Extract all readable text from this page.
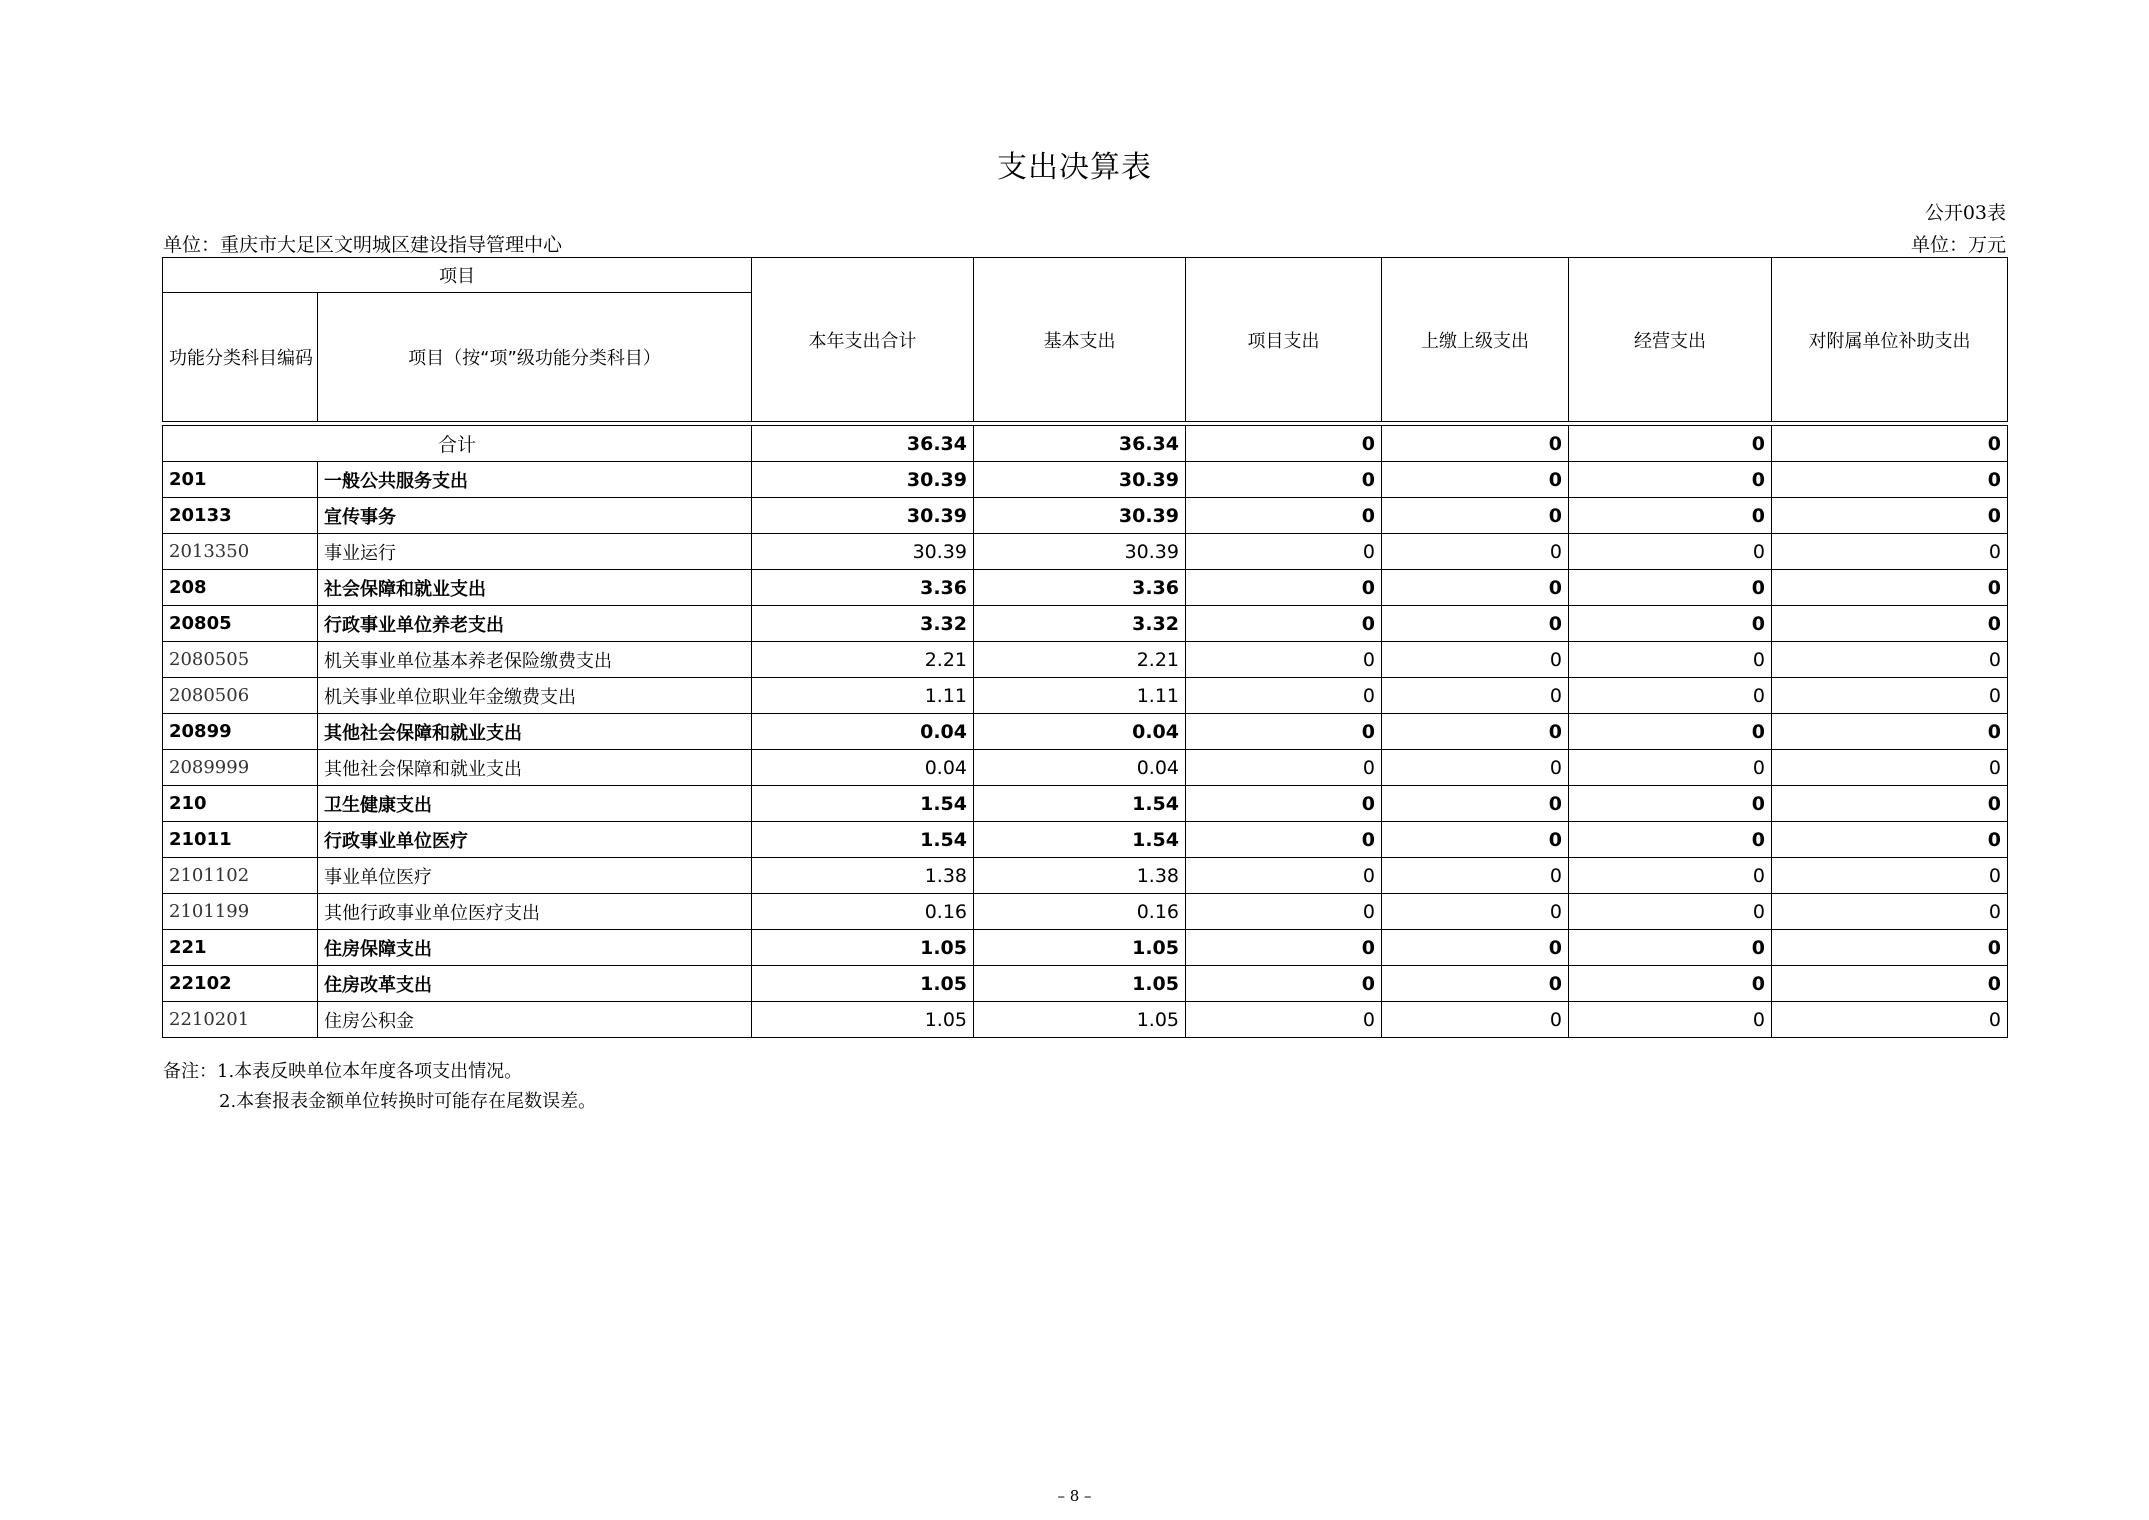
支出决算表
公开03表
单位：重庆市大足区文明城区建设指导管理中心	单位：万元
项目		本年支出合计	基本支出	项目支出	上缴上级支出	经营支出	对附属单位补助支出
功能分类科目编码	项目（按“项”级功能分类科目）						

合计		36.34	36.34	0	0	0	0
201	一般公共服务支出	30.39	30.39	0	0	0	0
20133	宣传事务	30.39	30.39	0	0	0	0
2013350	事业运行	30.39	30.39	0	0	0	0
208	社会保障和就业支出	3.36	3.36	0	0	0	0
20805	行政事业单位养老支出	3.32	3.32	0	0	0	0
2080505	机关事业单位基本养老保险缴费支出	2.21	2.21	0	0	0	0
2080506	机关事业单位职业年金缴费支出	1.11	1.11	0	0	0	0
20899	其他社会保障和就业支出	0.04	0.04	0	0	0	0
2089999	其他社会保障和就业支出	0.04	0.04	0	0	0	0
210	卫生健康支出	1.54	1.54	0	0	0	0
21011	行政事业单位医疗	1.54	1.54	0	0	0	0
2101102	事业单位医疗	1.38	1.38	0	0	0	0
2101199	其他行政事业单位医疗支出	0.16	0.16	0	0	0	0
221	住房保障支出	1.05	1.05	0	0	0	0
22102	住房改革支出	1.05	1.05	0	0	0	0
2210201	住房公积金	1.05	1.05	0	0	0	0
备注：1.本表反映单位本年度各项支出情况。
2.本套报表金额单位转换时可能存在尾数误差。
– 8 –
